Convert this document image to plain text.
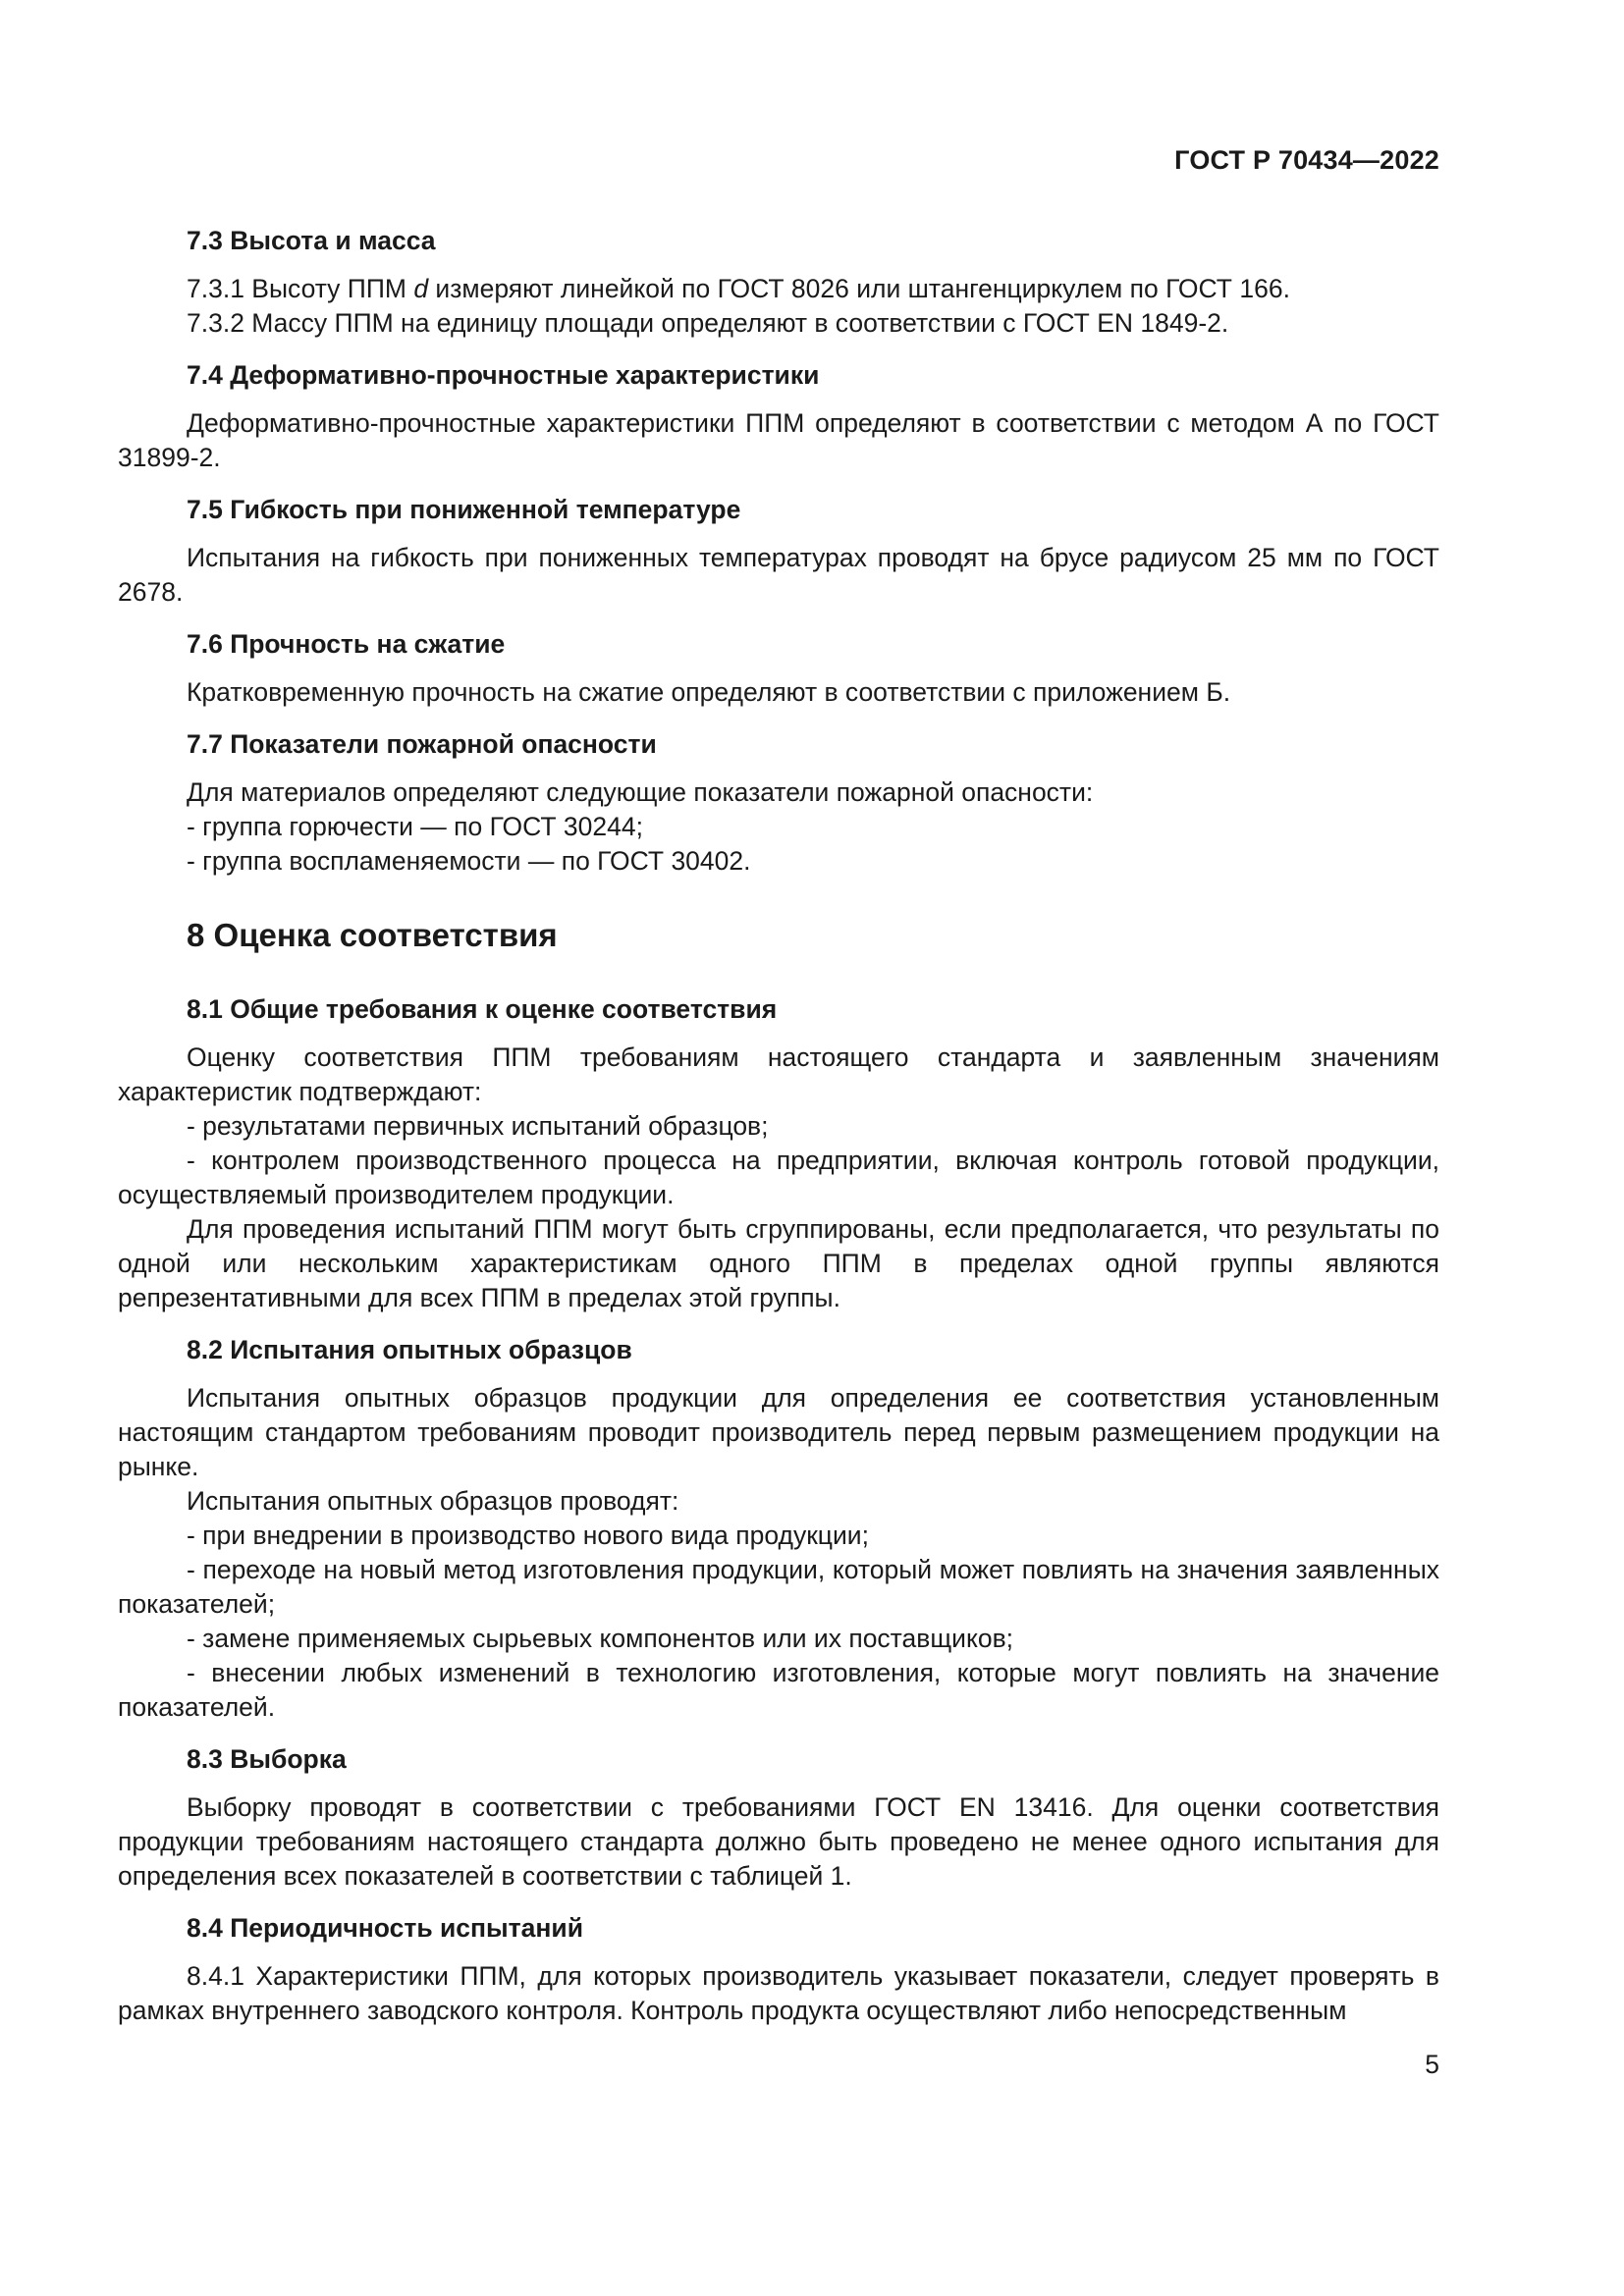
ГОСТ Р 70434—2022

7.3 Высота и масса

7.3.1 Высоту ППМ d измеряют линейкой по ГОСТ 8026 или штангенциркулем по ГОСТ 166.

7.3.2 Массу ППМ на единицу площади определяют в соответствии с ГОСТ EN 1849-2.

7.4 Деформативно-прочностные характеристики

Деформативно-прочностные характеристики ППМ определяют в соответствии с методом А по ГОСТ 31899-2.

7.5 Гибкость при пониженной температуре

Испытания на гибкость при пониженных температурах проводят на брусе радиусом 25 мм по ГОСТ 2678.

7.6 Прочность на сжатие

Кратковременную прочность на сжатие определяют в соответствии с приложением Б.

7.7 Показатели пожарной опасности

Для материалов определяют следующие показатели пожарной опасности:

- группа горючести — по ГОСТ 30244;

- группа воспламеняемости — по ГОСТ 30402.

8 Оценка соответствия

8.1 Общие требования к оценке соответствия

Оценку соответствия ППМ требованиям настоящего стандарта и заявленным значениям характеристик подтверждают:

- результатами первичных испытаний образцов;

- контролем производственного процесса на предприятии, включая контроль готовой продукции, осуществляемый производителем продукции.

Для проведения испытаний ППМ могут быть сгруппированы, если предполагается, что результаты по одной или нескольким характеристикам одного ППМ в пределах одной группы являются репрезентативными для всех ППМ в пределах этой группы.

8.2 Испытания опытных образцов

Испытания опытных образцов продукции для определения ее соответствия установленным настоящим стандартом требованиям проводит производитель перед первым размещением продукции на рынке.

Испытания опытных образцов проводят:

- при внедрении в производство нового вида продукции;

- переходе на новый метод изготовления продукции, который может повлиять на значения заявленных показателей;

- замене применяемых сырьевых компонентов или их поставщиков;

- внесении любых изменений в технологию изготовления, которые могут повлиять на значение показателей.

8.3 Выборка

Выборку проводят в соответствии с требованиями ГОСТ EN 13416. Для оценки соответствия продукции требованиям настоящего стандарта должно быть проведено не менее одного испытания для определения всех показателей в соответствии с таблицей 1.

8.4 Периодичность испытаний

8.4.1 Характеристики ППМ, для которых производитель указывает показатели, следует проверять в рамках внутреннего заводского контроля. Контроль продукта осуществляют либо непосредственным

5
